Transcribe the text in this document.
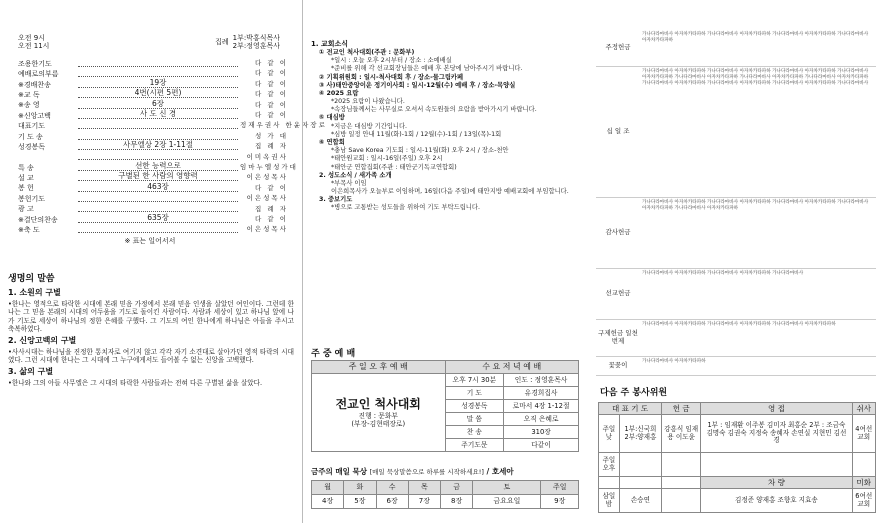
오전 9시
오전 11시
집례
1부:박홍식목사
2부:정영훈목사
조용한기도	다 같 이
예배로의부름	다 같 이
※경배찬송	19장	다 같 이
※교 독	4번(시편 5편)	다 같 이
※송 영	6장	다 같 이
※신앙고백	사 도 신 경	다 같 이
대표기도	정재우권사 한윤자장로
기 도 송	성 가 대
성경봉독	사무엘상 2장 1-11절	집 례 자
이미옥권사
특 송	선한 능력으로	임마누엘성가대
설 교	구별된 한 사람의 영향력	이은성목사
봉 헌	463장	다 같 이
봉헌기도	이은성목사
광 고	집 례 자
※결단의찬송	635장	다 같 이
※축 도	이은성목사
※ 표는 일어서서
생명의 말씀
1. 소원의 구별

•한나는 영적으로 타락한 시대에 본래 믿음 가정에서 본래 믿음 인생을 살았던 여인이다. 그런데 한나는 그 믿음 본래의 시대의 어두움을 기도로 돌이킨 사람이다. 사람과 세상이 있고 하나님 앞에 나가 기도로 세상이 하나님의 정한 은혜를 구했다. 그 기도의 여인 한나에게 하나님은 아들을 주시고 축복하였다.

2. 신앙고백의 구별

•사사시대는 하나님을 진정한 통치자로 여기지 않고 각각 자기 소견대로 살아가던 영적 타락의 시대였다. 그런 시대에 한나는 그 시대에 그 누구에게서도 들어볼 수 없는 신앙을 고백했다.

3. 삶의 구별

•한나와 그의 아들 사무엘은 그 시대의 타락한 사람들과는 전혀 다른 구별된 삶을 살았다.

1. 교회소식
① 전교인 척사대회(주관 : 문화부)
*일시 : 오늘 오후 2시부터 / 장소 : 소예배실
*준비를 위해 각 선교회장님들은 예배 후 본당에 남아주시기 바랍니다.
② 기획위원회 : 일시-척사대회 후 / 장소-물그림카페
③ 사)태안중앙이운 정기이사회 : 일시-12월(수) 예배 후 / 장소-목양실
④ 2025 요람
*2025 요람이 나왔습니다.
*속장님들께서는 사무실로 오셔서 속도원들의 요람을 받아가시기 바랍니다.
⑤ 대심방
*지금은 대심방 기간입니다.
*심방 일정 안내 11월(화)-1회 / 12월(수)-1회 / 13일(목)-1회
⑥ 연합회
*충남 Save Korea 기도회 : 일시-11월(화) 오후 2시 / 장소-천안
*태안원교회 : 일시-16일(주일) 오후 2시
*태안군 연합집회(주관 : 태안군기독교연합회)
2. 성도소식 / 새가족 소개
*부목사 이임
이은희목사가 오늘부로 이임하며, 16일(다음 주일)에 태안지방 예배교회에 부임합니다.
3. 중보기도
*병으로 고통받는 성도들을 위하여 기도 부탁드립니다.
주 중 예 배
주 일 오 후 예 배	수 요 저 녁 예 배	

전교인 척사대회
진행 : 문화부
(부장-김현태장로)	오후 7시 30분	인도 : 정영훈목사
	기 도	유경희집사
	성경봉독	로마서 4장 1-12절
	말 씀	오직 은혜로
	찬 송	310장
	주기도문	다같이
금주의 매일 묵상 [매일 묵상말씀으로 하루를 시작하세요!] / 호세아
월	화	수	목	금	토	주일
4장	5장	6장	7장	8장	금요요일	9장
주정헌금
가나다라마바사 아자차카타파하 가나다라마바사 아자차카타파하 가나다라마바사 아자차카타파하 가나다라마바사 아자차카타파하
십 일 조
가나다라마바사 아자차카타파하 가나다라마바사 아자차카타파하 가나다라마바사 아자차카타파하 가나다라마바사 아자차카타파하 가나다라마바사 아자차카타파하 가나다라마바사 아자차카타파하 가나다라마바사 아자차카타파하 가나다라마바사 아자차카타파하 가나다라마바사 아자차카타파하 가나다라마바사 아자차카타파하 가나다라마바사
감사헌금
가나다라마바사 아자차카타파하 가나다라마바사 아자차카타파하 가나다라마바사 아자차카타파하 가나다라마바사 아자차카타파하 가나다라마바사 아자차카타파하
선교헌금
가나다라마바사 아자차카타파하 가나다라마바사 아자차카타파하 가나다라마바사
구제헌금 일천번제
가나다라마바사 아자차카타파하 가나다라마바사 아자차카타파하 가나다라마바사 아자차카타파하
꽃꽂이	가나다라마바사 아자차카타파하
다음 주 봉사위원
대 표 기 도		헌 금	영 접	쉬사
주일 낮	1부:신국희 2부:양재홍	강흥식 임재용 이도윤	1부 : 임재환 이주봉 김미자 최홍순 2부 : 조금숙 김명숙 김권숙 지정숙 송혜자 손연실 지현민 김선경	4여선교회
주일오후				
			차 량	미화
삼일 밤	손승연		김정준 양재홍 조향호 지효송	6여선교회
